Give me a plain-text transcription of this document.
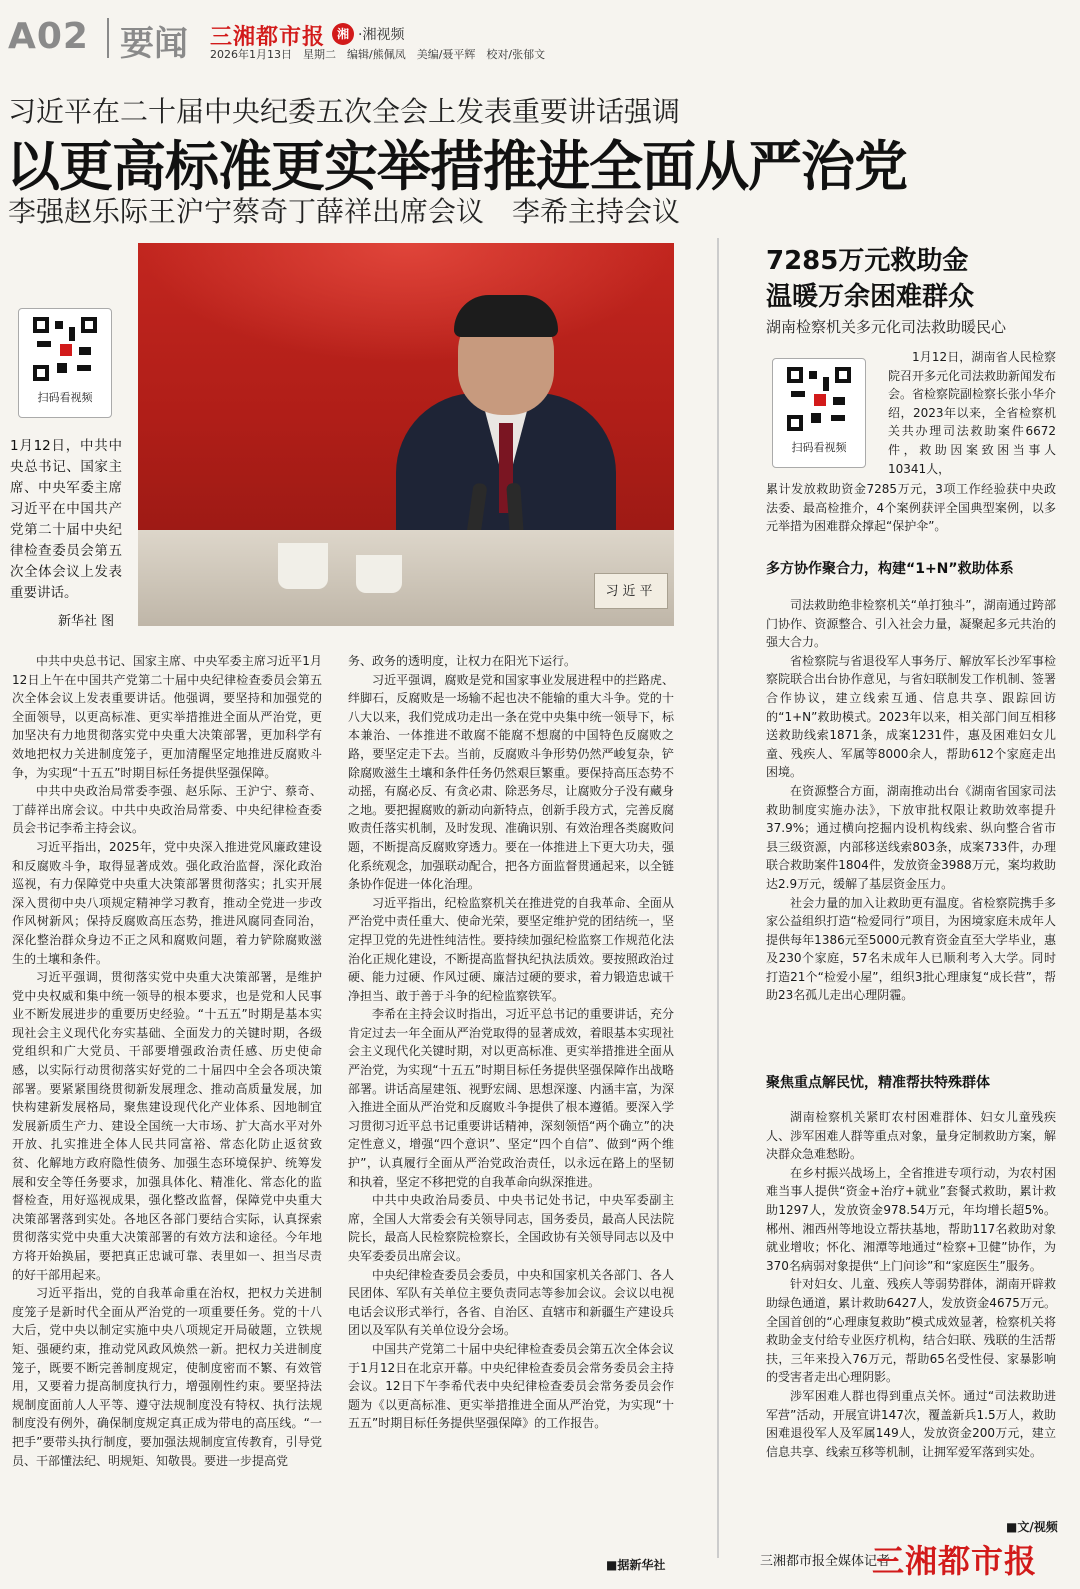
A02 要闻 三湘都市报 湘 ·湘视频
2026年1月13日　星期二　编辑/熊佩凤　美编/聂平辉　校对/张郁文
习近平在二十届中央纪委五次全会上发表重要讲话强调
以更高标准更实举措推进全面从严治党
李强赵乐际王沪宁蔡奇丁薛祥出席会议　李希主持会议
扫码看视频
习近平
1月12日，中共中央总书记、国家主席、中央军委主席习近平在中国共产党第二十届中央纪律检查委员会第五次全体会议上发表重要讲话。
新华社 图

中共中央总书记、国家主席、中央军委主席习近平1月12日上午在中国共产党第二十届中央纪律检查委员会第五次全体会议上发表重要讲话。他强调，要坚持和加强党的全面领导，以更高标准、更实举措推进全面从严治党，更加坚决有力地贯彻落实党中央重大决策部署，更加科学有效地把权力关进制度笼子，更加清醒坚定地推进反腐败斗争，为实现“十五五”时期目标任务提供坚强保障。

中共中央政治局常委李强、赵乐际、王沪宁、蔡奇、丁薛祥出席会议。中共中央政治局常委、中央纪律检查委员会书记李希主持会议。

习近平指出，2025年，党中央深入推进党风廉政建设和反腐败斗争，取得显著成效。强化政治监督，深化政治巡视，有力保障党中央重大决策部署贯彻落实；扎实开展深入贯彻中央八项规定精神学习教育，推动全党进一步改作风树新风；保持反腐败高压态势，推进风腐同查同治，深化整治群众身边不正之风和腐败问题，着力铲除腐败滋生的土壤和条件。

习近平强调，贯彻落实党中央重大决策部署，是维护党中央权威和集中统一领导的根本要求，也是党和人民事业不断发展进步的重要历史经验。“十五五”时期是基本实现社会主义现代化夯实基础、全面发力的关键时期，各级党组织和广大党员、干部要增强政治责任感、历史使命感，以实际行动贯彻落实好党的二十届四中全会各项决策部署。要紧紧围绕贯彻新发展理念、推动高质量发展，加快构建新发展格局，聚焦建设现代化产业体系、因地制宜发展新质生产力、建设全国统一大市场、扩大高水平对外开放、扎实推进全体人民共同富裕、常态化防止返贫致贫、化解地方政府隐性债务、加强生态环境保护、统筹发展和安全等任务要求，加强具体化、精准化、常态化的监督检查，用好巡视成果，强化整改监督，保障党中央重大决策部署落到实处。各地区各部门要结合实际，认真探索贯彻落实党中央重大决策部署的有效方法和途径。今年地方将开始换届，要把真正忠诚可靠、表里如一、担当尽责的好干部用起来。

习近平指出，党的自我革命重在治权，把权力关进制度笼子是新时代全面从严治党的一项重要任务。党的十八大后，党中央以制定实施中央八项规定开局破题，立铁规矩、强硬约束，推动党风政风焕然一新。把权力关进制度笼子，既要不断完善制度规定，使制度密而不繁、有效管用，又要着力提高制度执行力，增强刚性约束。要坚持法规制度面前人人平等、遵守法规制度没有特权、执行法规制度没有例外，确保制度规定真正成为带电的高压线。“一把手”要带头执行制度，要加强法规制度宣传教育，引导党员、干部懂法纪、明规矩、知敬畏。要进一步提高党

务、政务的透明度，让权力在阳光下运行。

习近平强调，腐败是党和国家事业发展进程中的拦路虎、绊脚石，反腐败是一场输不起也决不能输的重大斗争。党的十八大以来，我们党成功走出一条在党中央集中统一领导下，标本兼治、一体推进不敢腐不能腐不想腐的中国特色反腐败之路，要坚定走下去。当前，反腐败斗争形势仍然严峻复杂，铲除腐败滋生土壤和条件任务仍然艰巨繁重。要保持高压态势不动摇，有腐必反、有贪必肃、除恶务尽，让腐败分子没有藏身之地。要把握腐败的新动向新特点，创新手段方式，完善反腐败责任落实机制，及时发现、准确识别、有效治理各类腐败问题，不断提高反腐败穿透力。要在一体推进上下更大功夫，强化系统观念，加强联动配合，把各方面监督贯通起来，以全链条协作促进一体化治理。

习近平指出，纪检监察机关在推进党的自我革命、全面从严治党中责任重大、使命光荣，要坚定维护党的团结统一，坚定捍卫党的先进性纯洁性。要持续加强纪检监察工作规范化法治化正规化建设，不断提高监督执纪执法质效。要按照政治过硬、能力过硬、作风过硬、廉洁过硬的要求，着力锻造忠诚干净担当、敢于善于斗争的纪检监察铁军。

李希在主持会议时指出，习近平总书记的重要讲话，充分肯定过去一年全面从严治党取得的显著成效，着眼基本实现社会主义现代化关键时期，对以更高标准、更实举措推进全面从严治党，为实现“十五五”时期目标任务提供坚强保障作出战略部署。讲话高屋建瓴、视野宏阔、思想深邃、内涵丰富，为深入推进全面从严治党和反腐败斗争提供了根本遵循。要深入学习贯彻习近平总书记重要讲话精神，深刻领悟“两个确立”的决定性意义，增强“四个意识”、坚定“四个自信”、做到“两个维护”，认真履行全面从严治党政治责任，以永远在路上的坚韧和执着，坚定不移把党的自我革命向纵深推进。

中共中央政治局委员、中央书记处书记，中央军委副主席，全国人大常委会有关领导同志，国务委员，最高人民法院院长，最高人民检察院检察长，全国政协有关领导同志以及中央军委委员出席会议。

中央纪律检查委员会委员，中央和国家机关各部门、各人民团体、军队有关单位主要负责同志等参加会议。会议以电视电话会议形式举行，各省、自治区、直辖市和新疆生产建设兵团以及军队有关单位设分会场。

中国共产党第二十届中央纪律检查委员会第五次全体会议于1月12日在北京开幕。中央纪律检查委员会常务委员会主持会议。12日下午李希代表中央纪律检查委员会常务委员会作题为《以更高标准、更实举措推进全面从严治党，为实现“十五五”时期目标任务提供坚强保障》的工作报告。

■据新华社
7285万元救助金
温暖万余困难群众
湖南检察机关多元化司法救助暖民心
扫码看视频

1月12日，湖南省人民检察院召开多元化司法救助新闻发布会。省检察院副检察长张小华介绍，2023年以来，全省检察机关共办理司法救助案件6672件，救助因案致困当事人10341人，

累计发放救助资金7285万元，3项工作经验获中央政法委、最高检推介，4个案例获评全国典型案例，以多元举措为困难群众撑起“保护伞”。

多方协作聚合力，构建“1+N”救助体系

司法救助绝非检察机关“单打独斗”，湖南通过跨部门协作、资源整合、引入社会力量，凝聚起多元共治的强大合力。

省检察院与省退役军人事务厅、解放军长沙军事检察院联合出台协作意见，与省妇联制发工作机制、签署合作协议，建立线索互通、信息共享、跟踪回访的“1+N”救助模式。2023年以来，相关部门间互相移送救助线索1871条，成案1231件，惠及困难妇女儿童、残疾人、军属等8000余人，帮助612个家庭走出困境。

在资源整合方面，湖南推动出台《湖南省国家司法救助制度实施办法》，下放审批权限让救助效率提升37.9%；通过横向挖掘内设机构线索、纵向整合省市县三级资源，内部移送线索803条，成案733件，办理联合救助案件1804件，发放资金3988万元，案均救助达2.9万元，缓解了基层资金压力。

社会力量的加入让救助更有温度。省检察院携手多家公益组织打造“检爱同行”项目，为困境家庭未成年人提供每年1386元至5000元教育资金直至大学毕业，惠及230个家庭，57名未成年人已顺利考入大学。同时打造21个“检爱小屋”，组织3批心理康复“成长营”，帮助23名孤儿走出心理阴霾。

聚焦重点解民忧，精准帮扶特殊群体

湖南检察机关紧盯农村困难群体、妇女儿童残疾人、涉军困难人群等重点对象，量身定制救助方案，解决群众急难愁盼。

在乡村振兴战场上，全省推进专项行动，为农村困难当事人提供“资金+治疗+就业”套餐式救助，累计救助1297人，发放资金978.54万元，年均增长超5%。郴州、湘西州等地设立帮扶基地，帮助117名救助对象就业增收；怀化、湘潭等地通过“检察+卫健”协作，为370名病弱对象提供“上门问诊”和“家庭医生”服务。

针对妇女、儿童、残疾人等弱势群体，湖南开辟救助绿色通道，累计救助6427人，发放资金4675万元。全国首创的“心理康复救助”模式成效显著，检察机关将救助金支付给专业医疗机构，结合妇联、残联的生活帮扶，三年来投入76万元，帮助65名受性侵、家暴影响的受害者走出心理阴影。

涉军困难人群也得到重点关怀。通过“司法救助进军营”活动，开展宣讲147次，覆盖新兵1.5万人，救助困难退役军人及军属149人，发放资金200万元，建立信息共享、线索互移等机制，让拥军爱军落到实处。

■文/视频
三湘都市报全媒体记者
三湘都市报
